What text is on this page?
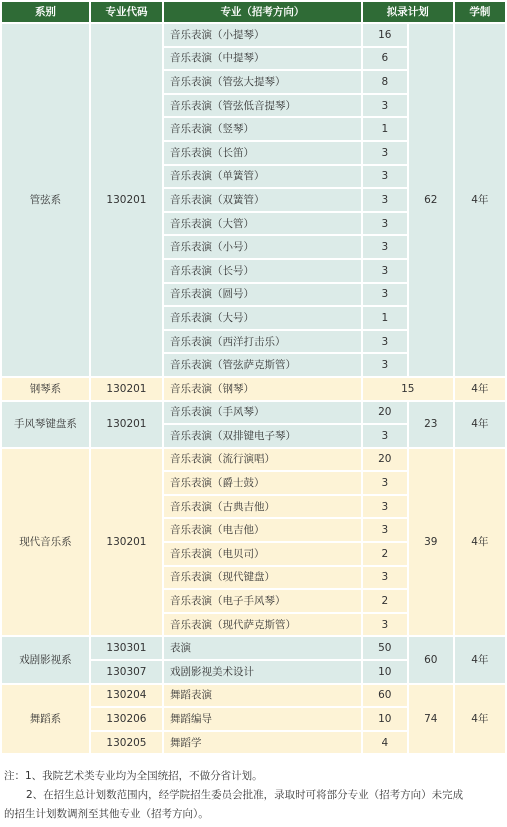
系别	专业代码	专业（招考方向）	拟录计划		学制
管弦系	130201	音乐表演（小提琴）	16	62	4年
		音乐表演（中提琴）	6		
		音乐表演（管弦大提琴）	8		
		音乐表演（管弦低音提琴）	3		
		音乐表演（竖琴）	1		
		音乐表演（长笛）	3		
		音乐表演（单簧管）	3		
		音乐表演（双簧管）	3		
		音乐表演（大管）	3		
		音乐表演（小号）	3		
		音乐表演（长号）	3		
		音乐表演（圆号）	3		
		音乐表演（大号）	1		
		音乐表演（西洋打击乐）	3		
		音乐表演（管弦萨克斯管）	3		
钢琴系	130201	音乐表演（钢琴）	15		4年
手风琴键盘系	130201	音乐表演（手风琴）	20	23	4年
		音乐表演（双排键电子琴）	3		
现代音乐系	130201	音乐表演（流行演唱）	20	39	4年
		音乐表演（爵士鼓）	3		
		音乐表演（古典吉他）	3		
		音乐表演（电吉他）	3		
		音乐表演（电贝司）	2		
		音乐表演（现代键盘）	3		
		音乐表演（电子手风琴）	2		
		音乐表演（现代萨克斯管）	3		
戏剧影视系	130301	表演	50	60	4年
	130307	戏剧影视美术设计	10		
舞蹈系	130204	舞蹈表演	60	74	4年
	130206	舞蹈编导	10		
	130205	舞蹈学	4		

注：1、我院艺术类专业均为全国统招，不做分省计划。

2、在招生总计划数范围内，经学院招生委员会批准，录取时可将部分专业（招考方向）未完成

的招生计划数调剂至其他专业（招考方向）。
